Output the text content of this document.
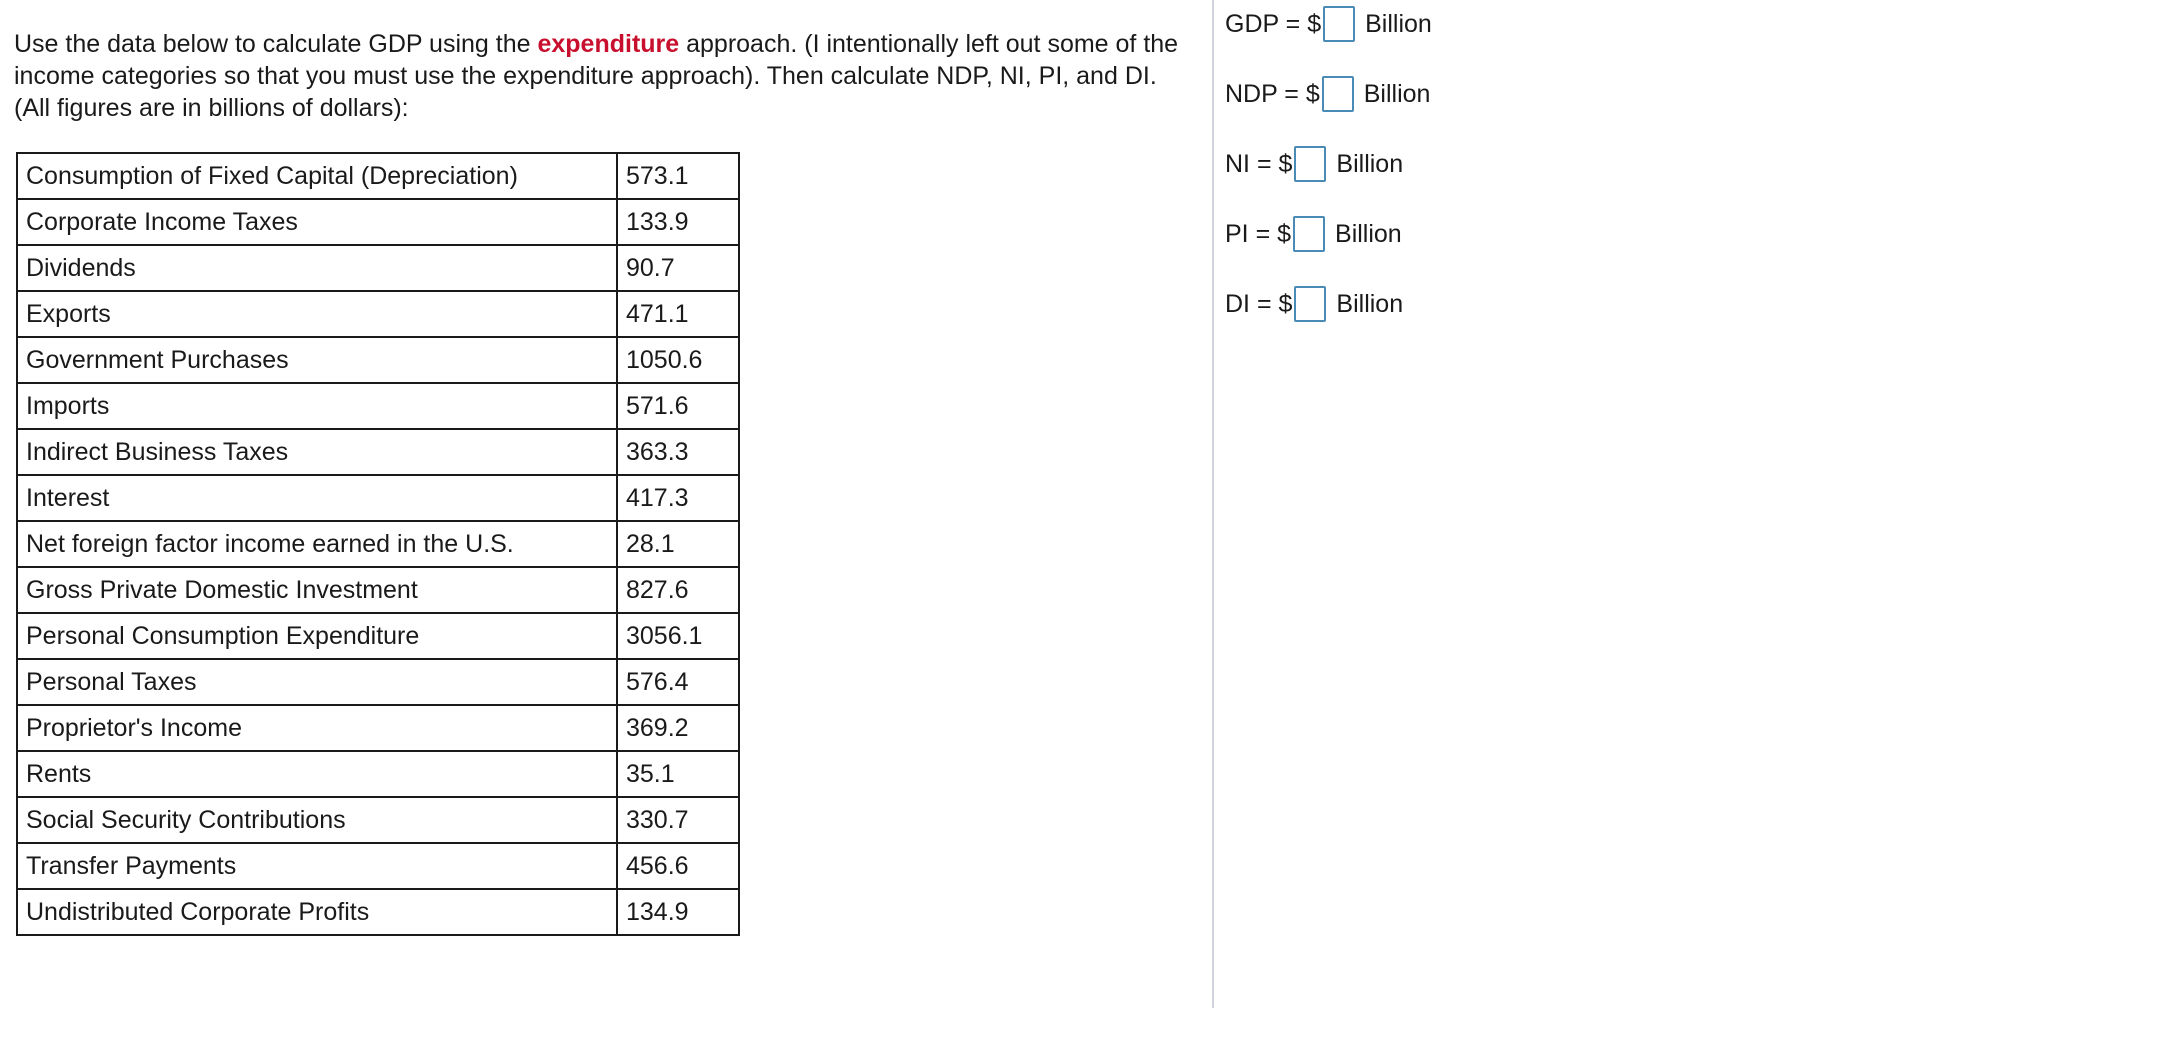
Use the data below to calculate GDP using the expenditure approach. (I intentionally left out some of the income categories so that you must use the expenditure approach). Then calculate NDP, NI, PI, and DI. (All figures are in billions of dollars):

Consumption of Fixed Capital (Depreciation)	573.1
Corporate Income Taxes	133.9
Dividends	90.7
Exports	471.1
Government Purchases	1050.6
Imports	571.6
Indirect Business Taxes	363.3
Interest	417.3
Net foreign factor income earned in the U.S.	28.1
Gross Private Domestic Investment	827.6
Personal Consumption Expenditure	3056.1
Personal Taxes	576.4
Proprietor's Income	369.2
Rents	35.1
Social Security Contributions	330.7
Transfer Payments	456.6
Undistributed Corporate Profits	134.9
GDP = $ Billion
NDP = $ Billion
NI = $ Billion
PI = $ Billion
DI = $ Billion
